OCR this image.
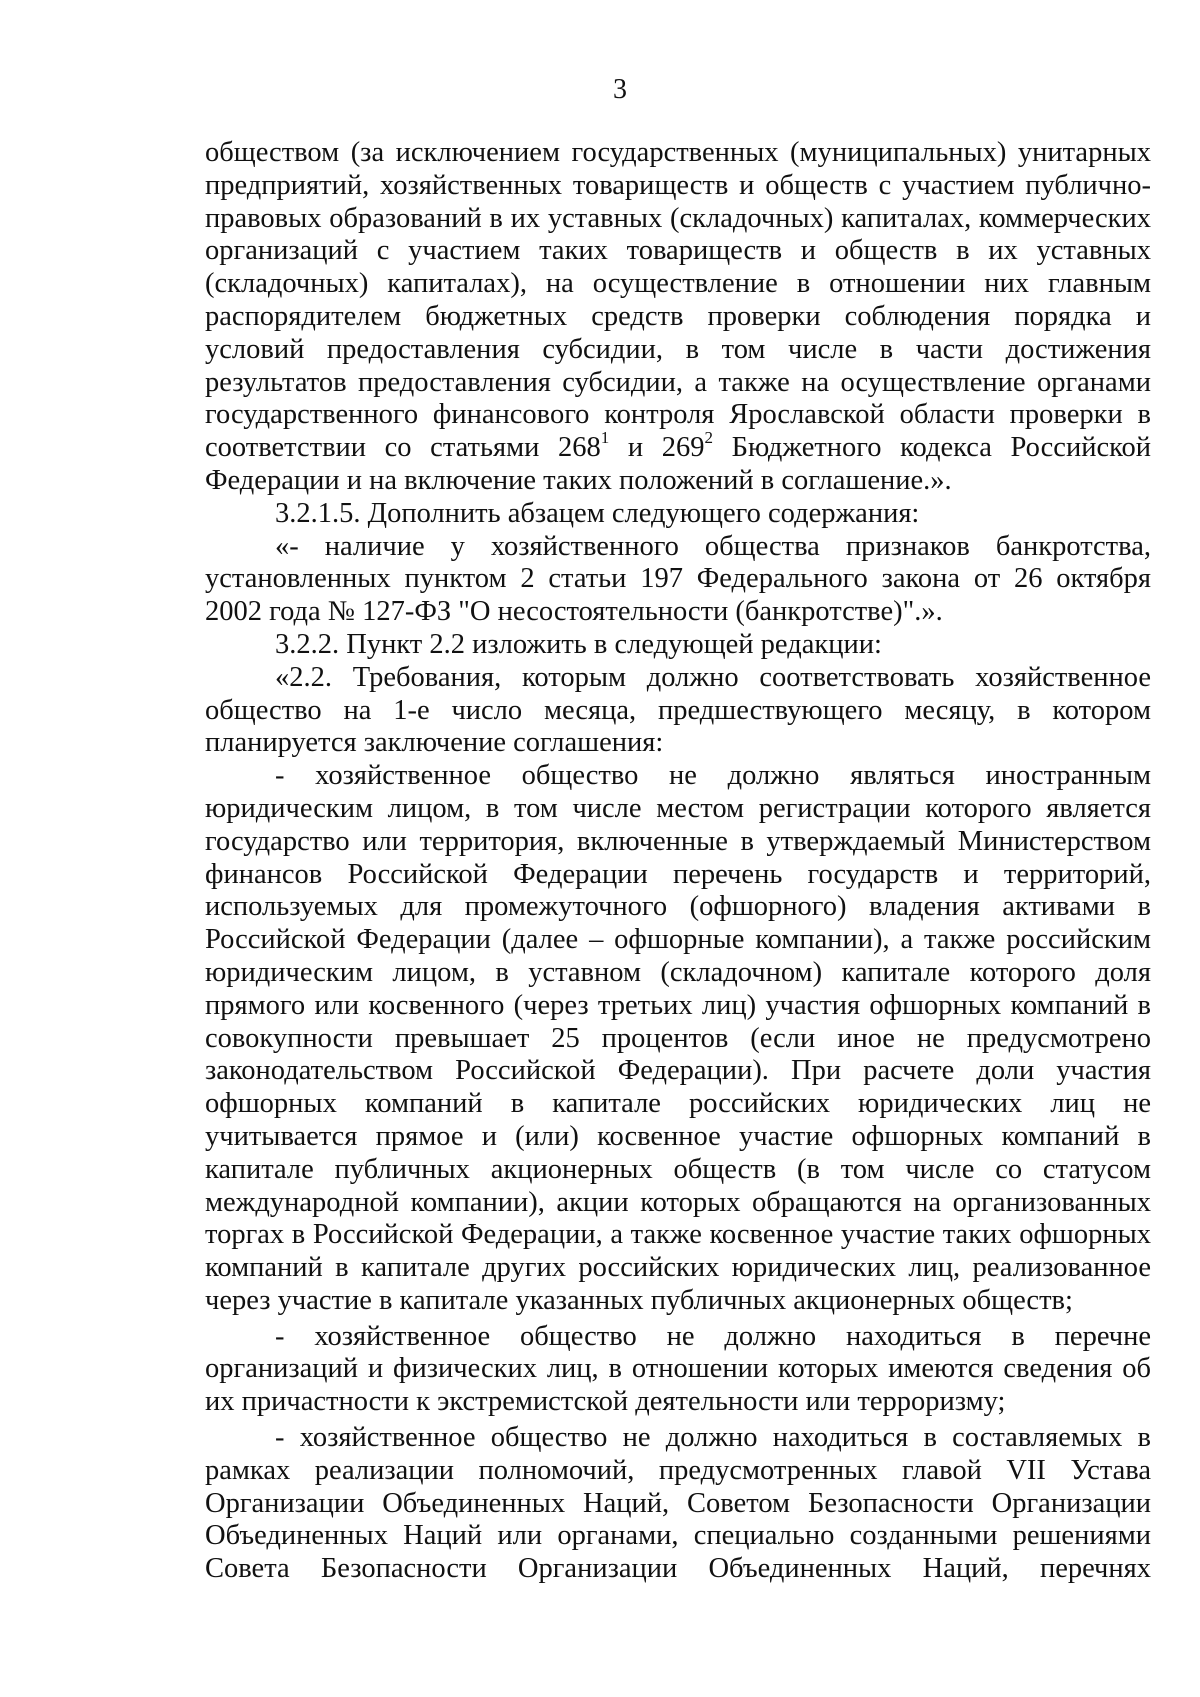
3

обществом (за исключением государственных (муниципальных) унитарных предприятий, хозяйственных товариществ и обществ с участием публично-правовых образований в их уставных (складочных) капиталах, коммерческих организаций с участием таких товариществ и обществ в их уставных (складочных) капиталах), на осуществление в отношении них главным распорядителем бюджетных средств проверки соблюдения порядка и условий предоставления субсидии, в том числе в части достижения результатов предоставления субсидии, а также на осуществление органами государственного финансового контроля Ярославской области проверки в соответствии со статьями $268^1$ и $269^2$ Бюджетного кодекса Российской Федерации и на включение таких положений в соглашение.».

3.2.1.5. Дополнить абзацем следующего содержания:

«- наличие у хозяйственного общества признаков банкротства, установленных пунктом 2 статьи 197 Федерального закона от 26 октября 2002 года № 127-ФЗ "О несостоятельности (банкротстве)".».

3.2.2. Пункт 2.2 изложить в следующей редакции:

«2.2. Требования, которым должно соответствовать хозяйственное общество на 1-е число месяца, предшествующего месяцу, в котором планируется заключение соглашения:

- хозяйственное общество не должно являться иностранным юридическим лицом, в том числе местом регистрации которого является государство или территория, включенные в утверждаемый Министерством финансов Российской Федерации перечень государств и территорий, используемых для промежуточного (офшорного) владения активами в Российской Федерации (далее – офшорные компании), а также российским юридическим лицом, в уставном (складочном) капитале которого доля прямого или косвенного (через третьих лиц) участия офшорных компаний в совокупности превышает 25 процентов (если иное не предусмотрено законодательством Российской Федерации). При расчете доли участия офшорных компаний в капитале российских юридических лиц не учитывается прямое и (или) косвенное участие офшорных компаний в капитале публичных акционерных обществ (в том числе со статусом международной компании), акции которых обращаются на организованных торгах в Российской Федерации, а также косвенное участие таких офшорных компаний в капитале других российских юридических лиц, реализованное через участие в капитале указанных публичных акционерных обществ;

- хозяйственное общество не должно находиться в перечне организаций и физических лиц, в отношении которых имеются сведения об их причастности к экстремистской деятельности или терроризму;

- хозяйственное общество не должно находиться в составляемых в рамках реализации полномочий, предусмотренных главой VII Устава Организации Объединенных Наций, Советом Безопасности Организации Объединенных Наций или органами, специально созданными решениями Совета Безопасности Организации Объединенных Наций, перечнях
